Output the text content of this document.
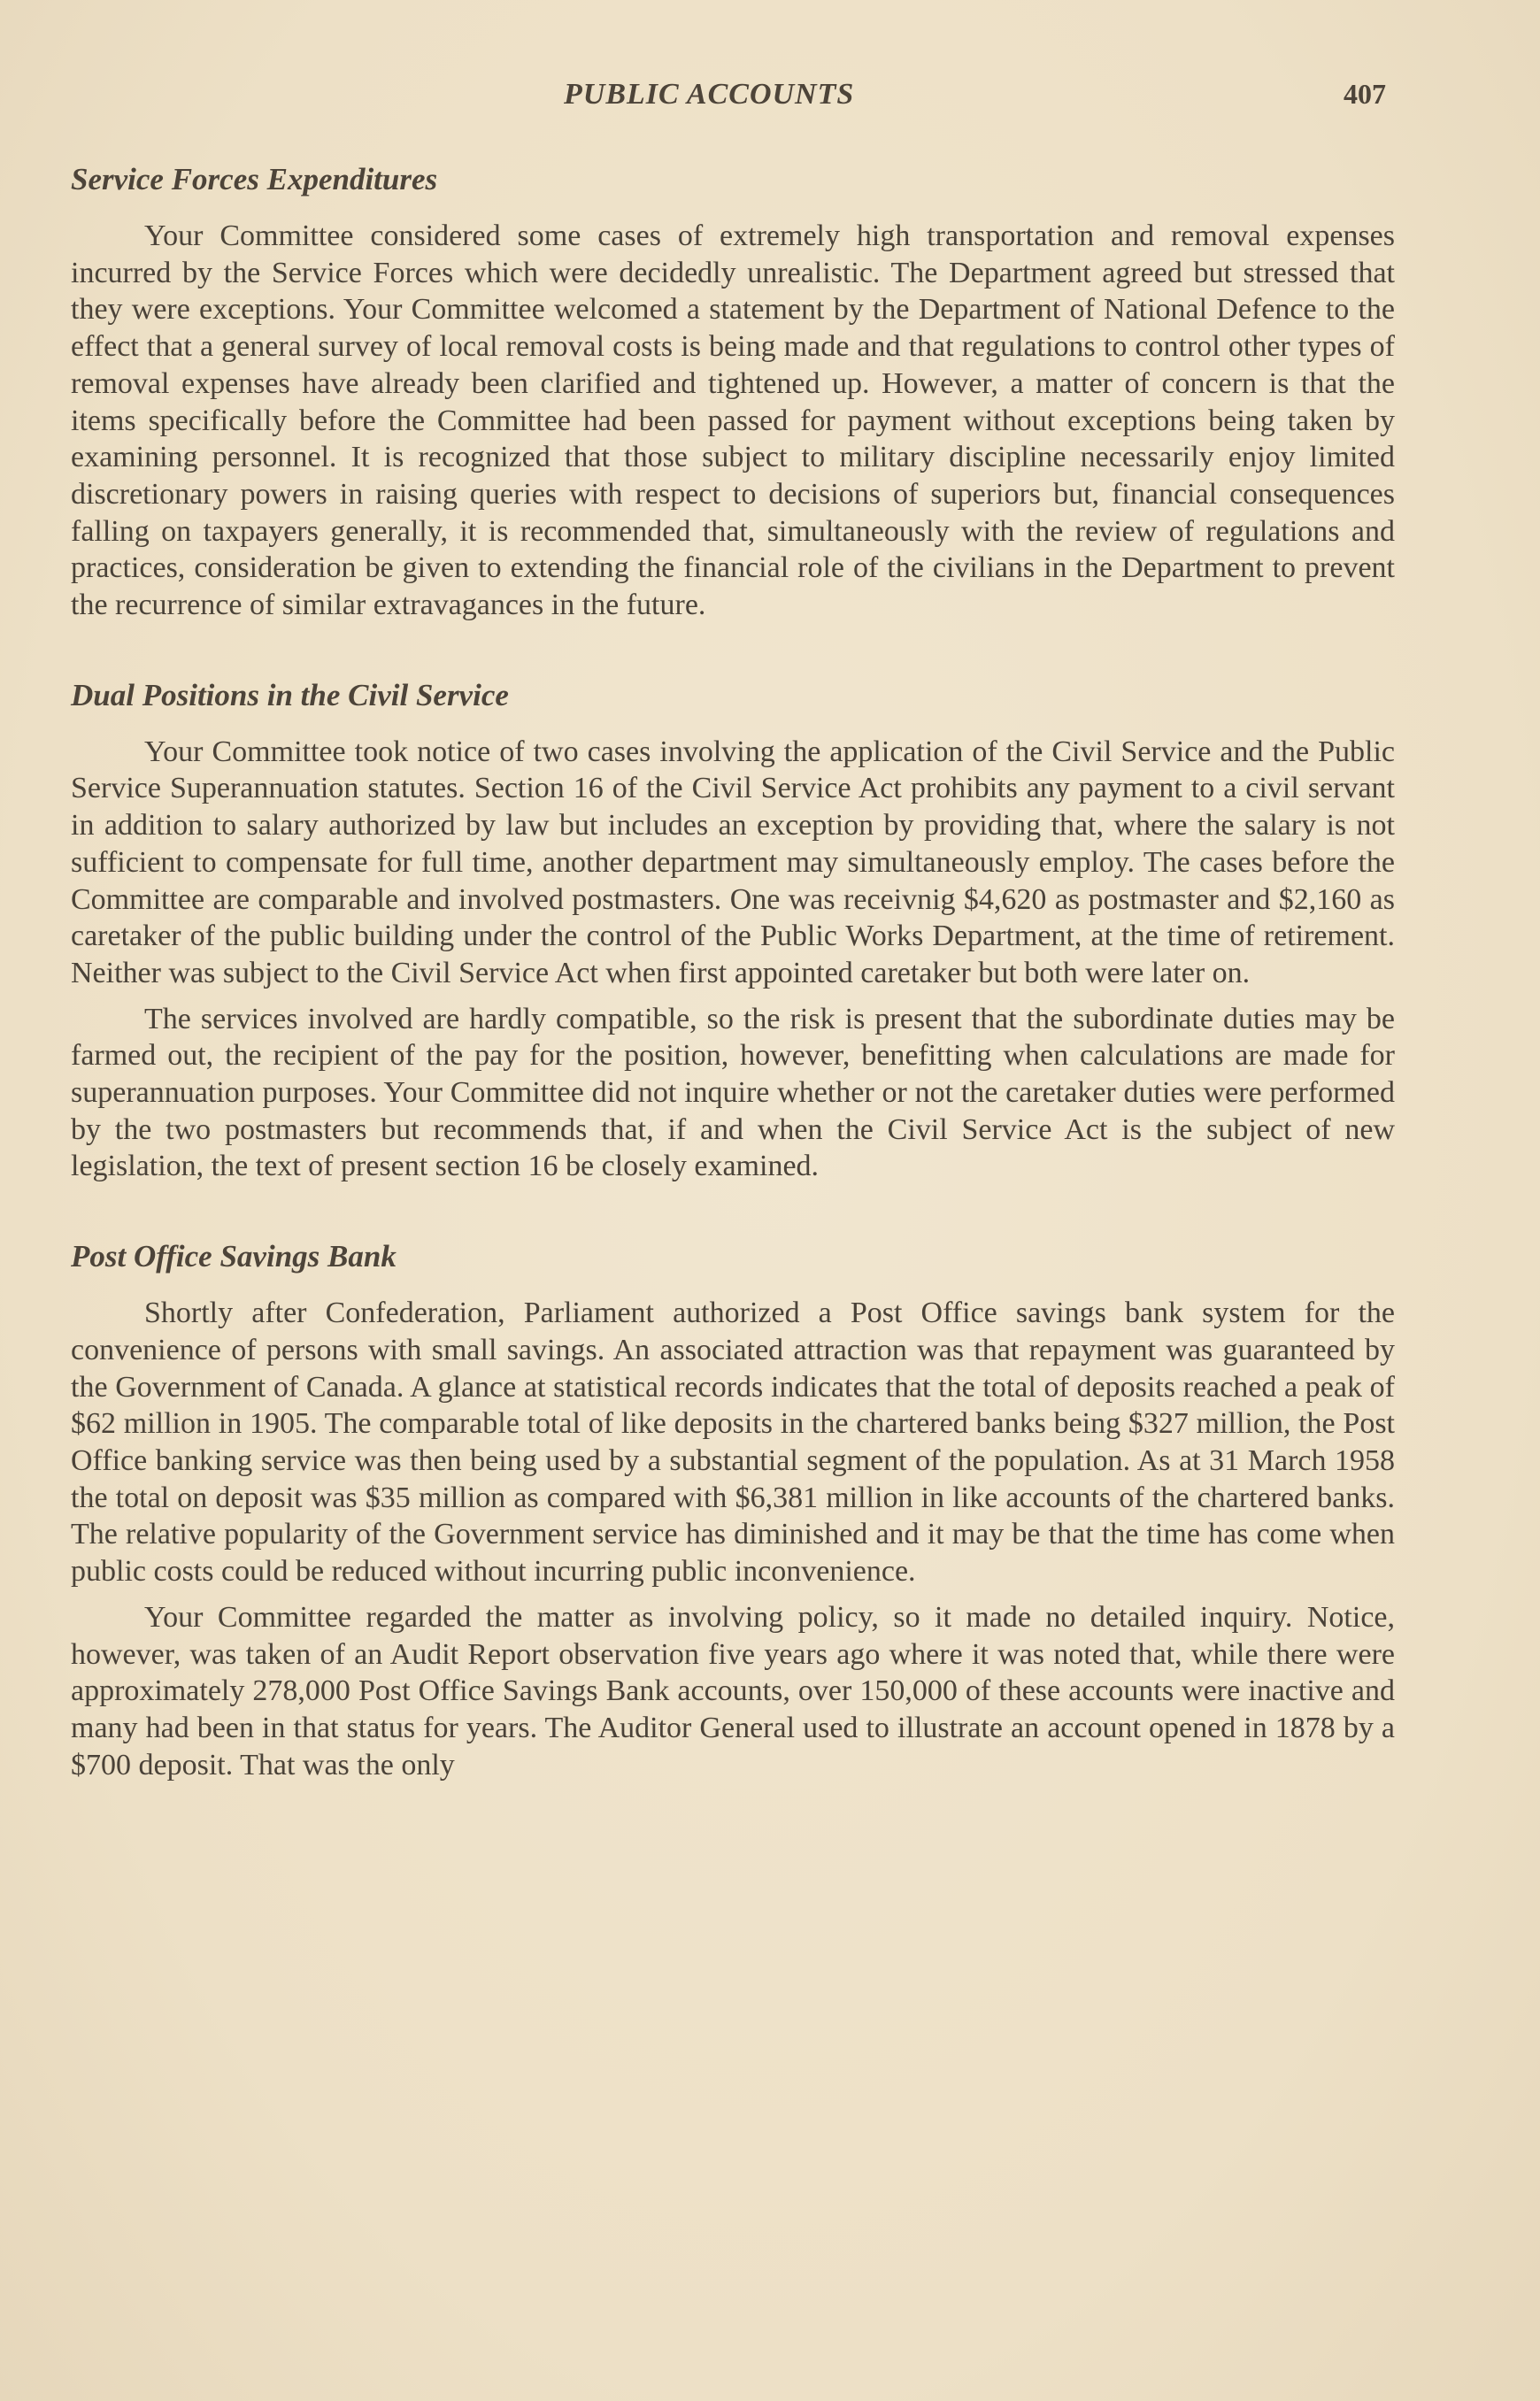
PUBLIC ACCOUNTS	407
Service Forces Expenditures

Your Committee considered some cases of extremely high transportation and removal expenses incurred by the Service Forces which were decidedly unrealistic. The Department agreed but stressed that they were exceptions. Your Committee welcomed a statement by the Department of National Defence to the effect that a general survey of local removal costs is being made and that regulations to control other types of removal expenses have already been clarified and tightened up. However, a matter of concern is that the items specifically before the Committee had been passed for payment without exceptions being taken by examining personnel. It is recognized that those subject to military discipline necessarily enjoy limited discretionary powers in raising queries with respect to decisions of superiors but, financial consequences falling on taxpayers generally, it is recommended that, simultaneously with the review of regulations and practices, consideration be given to extending the financial role of the civilians in the Department to prevent the recurrence of similar extravagances in the future.

Dual Positions in the Civil Service

Your Committee took notice of two cases involving the application of the Civil Service and the Public Service Superannuation statutes. Section 16 of the Civil Service Act prohibits any payment to a civil servant in addition to salary authorized by law but includes an exception by providing that, where the salary is not sufficient to compensate for full time, another department may simultaneously employ. The cases before the Committee are comparable and involved postmasters. One was receivnig $4,620 as postmaster and $2,160 as caretaker of the public building under the control of the Public Works Department, at the time of retirement. Neither was subject to the Civil Service Act when first appointed caretaker but both were later on.

The services involved are hardly compatible, so the risk is present that the subordinate duties may be farmed out, the recipient of the pay for the position, however, benefitting when calculations are made for superannuation purposes. Your Committee did not inquire whether or not the caretaker duties were performed by the two postmasters but recommends that, if and when the Civil Service Act is the subject of new legislation, the text of present section 16 be closely examined.

Post Office Savings Bank

Shortly after Confederation, Parliament authorized a Post Office savings bank system for the convenience of persons with small savings. An associated attraction was that repayment was guaranteed by the Government of Canada. A glance at statistical records indicates that the total of deposits reached a peak of $62 million in 1905. The comparable total of like deposits in the chartered banks being $327 million, the Post Office banking service was then being used by a substantial segment of the population. As at 31 March 1958 the total on deposit was $35 million as compared with $6,381 million in like accounts of the chartered banks. The relative popularity of the Government service has diminished and it may be that the time has come when public costs could be reduced without incurring public inconvenience.

Your Committee regarded the matter as involving policy, so it made no detailed inquiry. Notice, however, was taken of an Audit Report observation five years ago where it was noted that, while there were approximately 278,000 Post Office Savings Bank accounts, over 150,000 of these accounts were inactive and many had been in that status for years. The Auditor General used to illustrate an account opened in 1878 by a $700 deposit. That was the only
